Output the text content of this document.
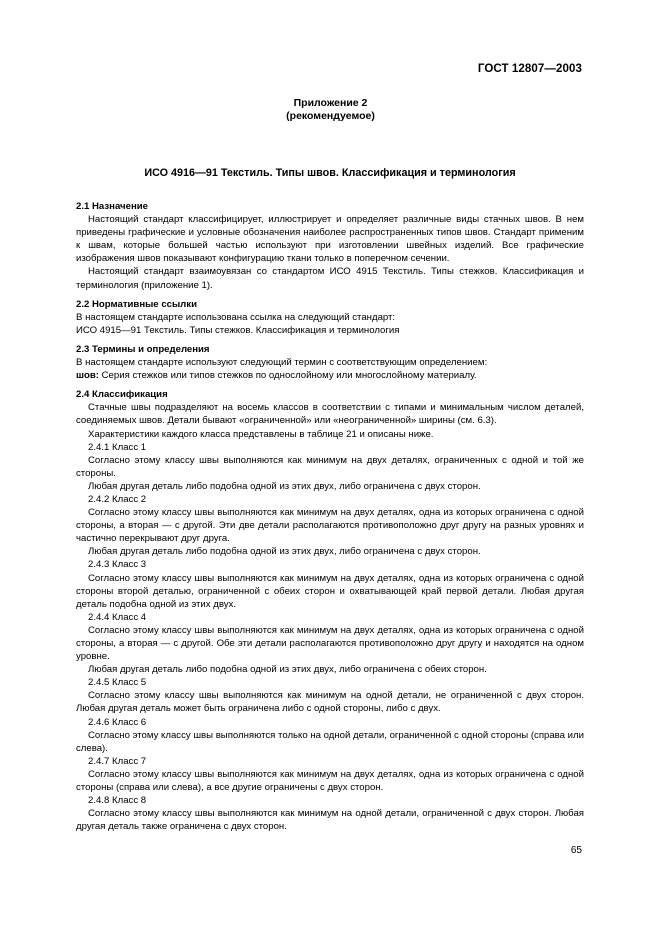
ГОСТ 12807—2003
Приложение 2
(рекомендуемое)
ИСО 4916—91 Текстиль. Типы швов. Классификация и терминология
2.1 Назначение

Настоящий стандарт классифицирует, иллюстрирует и определяет различные виды стачных швов. В нем приведены графические и условные обозначения наиболее распространенных типов швов. Стандарт применим к швам, которые большей частью используют при изготовлении швейных изделий. Все графические изображения швов показывают конфигурацию ткани только в поперечном сечении.

Настоящий стандарт взаимоувязан со стандартом ИСО 4915 Текстиль. Типы стежков. Классификация и терминология (приложение 1).

2.2 Нормативные ссылки

В настоящем стандарте использована ссылка на следующий стандарт:

ИСО 4915—91 Текстиль. Типы стежков. Классификация и терминология

2.3 Термины и определения

В настоящем стандарте используют следующий термин с соответствующим определением:

шов: Серия стежков или типов стежков по однослойному или многослойному материалу.

2.4 Классификация

Стачные швы подразделяют на восемь классов в соответствии с типами и минимальным числом деталей, соединяемых швов. Детали бывают «ограниченной» или «неограниченной» ширины (см. 6.3).

Характеристики каждого класса представлены в таблице 21 и описаны ниже.

2.4.1 Класс 1

Согласно этому классу швы выполняются как минимум на двух деталях, ограниченных с одной и той же стороны.

Любая другая деталь либо подобна одной из этих двух, либо ограничена с двух сторон.

2.4.2 Класс 2

Согласно этому классу швы выполняются как минимум на двух деталях, одна из которых ограничена с одной стороны, а вторая — с другой. Эти две детали располагаются противоположно друг другу на разных уровнях и частично перекрывают друг друга.

Любая другая деталь либо подобна одной из этих двух, либо ограничена с двух сторон.

2.4.3 Класс 3

Согласно этому классу швы выполняются как минимум на двух деталях, одна из которых ограничена с одной стороны второй деталью, ограниченной с обеих сторон и охватывающей край первой детали. Любая другая деталь подобна одной из этих двух.

2.4.4 Класс 4

Согласно этому классу швы выполняются как минимум на двух деталях, одна из которых ограничена с одной стороны, а вторая — с другой. Обе эти детали располагаются противоположно друг другу и находятся на одном уровне.

Любая другая деталь либо подобна одной из этих двух, либо ограничена с обеих сторон.

2.4.5 Класс 5

Согласно этому классу швы выполняются как минимум на одной детали, не ограниченной с двух сторон. Любая другая деталь может быть ограничена либо с одной стороны, либо с двух.

2.4.6 Класс 6

Согласно этому классу швы выполняются только на одной детали, ограниченной с одной стороны (справа или слева).

2.4.7 Класс 7

Согласно этому классу швы выполняются как минимум на двух деталях, одна из которых ограничена с одной стороны (справа или слева), а все другие ограничены с двух сторон.

2.4.8 Класс 8

Согласно этому классу швы выполняются как минимум на одной детали, ограниченной с двух сторон. Любая другая деталь также ограничена с двух сторон.

65
